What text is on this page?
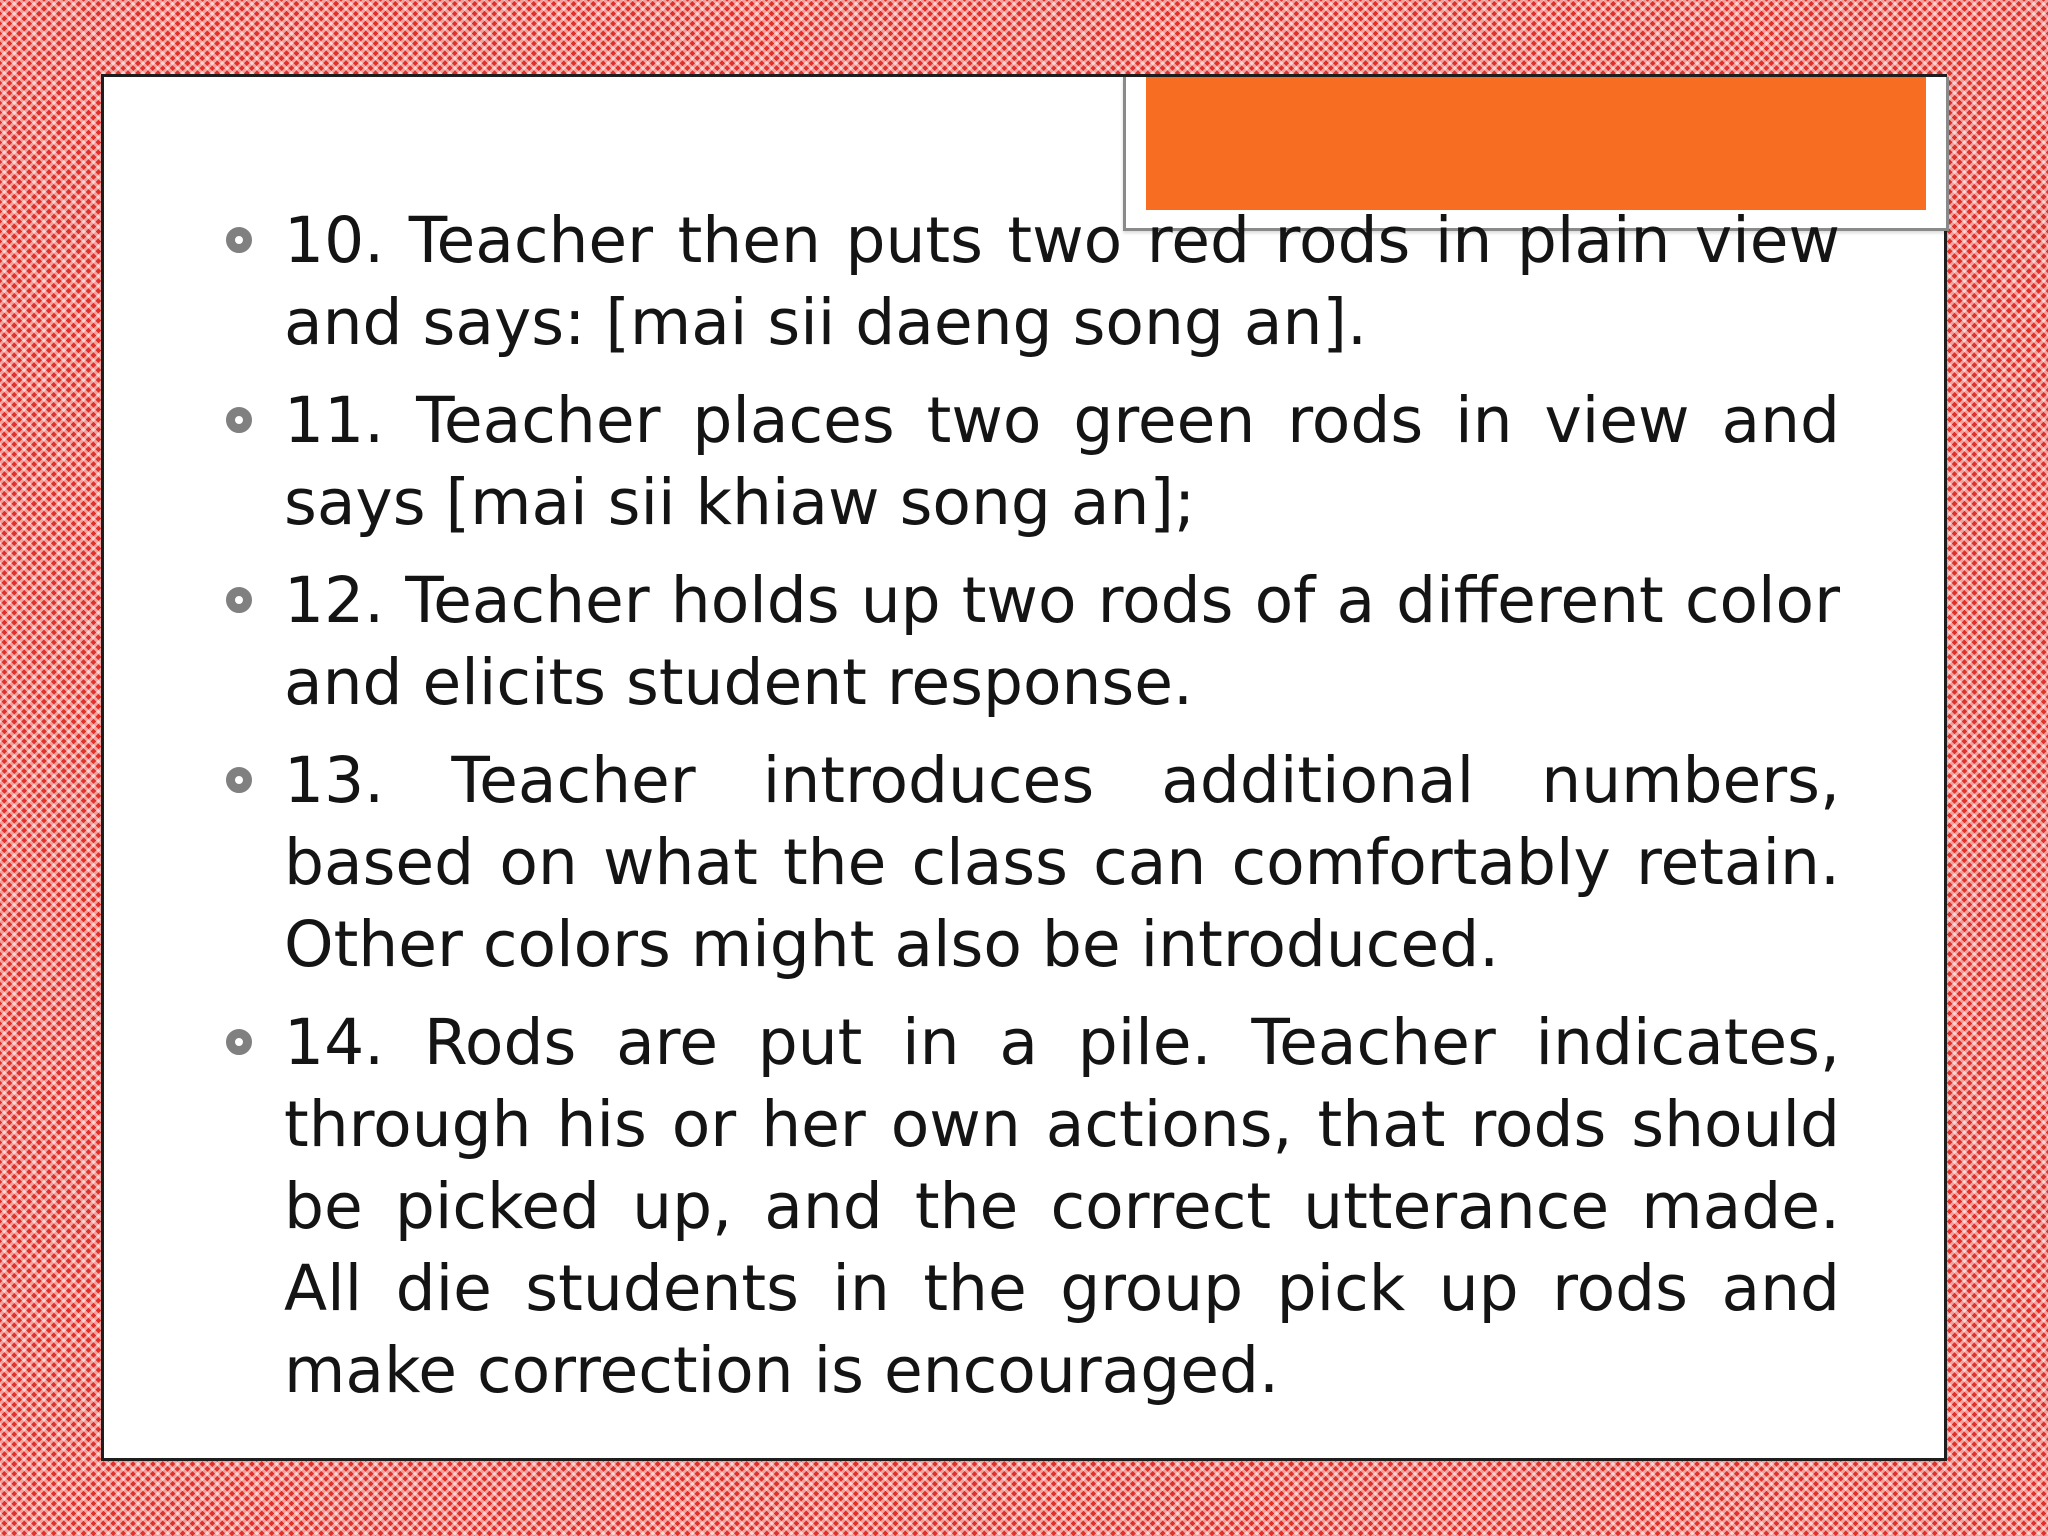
10. Teacher then puts two red rods in plain view and says: [mai sii daeng song an].
11. Teacher places two green rods in view and says [mai sii khiaw song an];
12. Teacher holds up two rods of a different color and elicits student response.
13. Teacher introduces additional numbers, based on what the class can comfortably retain. Other colors might also be introduced.
14. Rods are put in a pile. Teacher indicates, through his or her own actions, that rods should be picked up, and the correct utterance made. All die students in the group pick up rods and make correction is encouraged.
